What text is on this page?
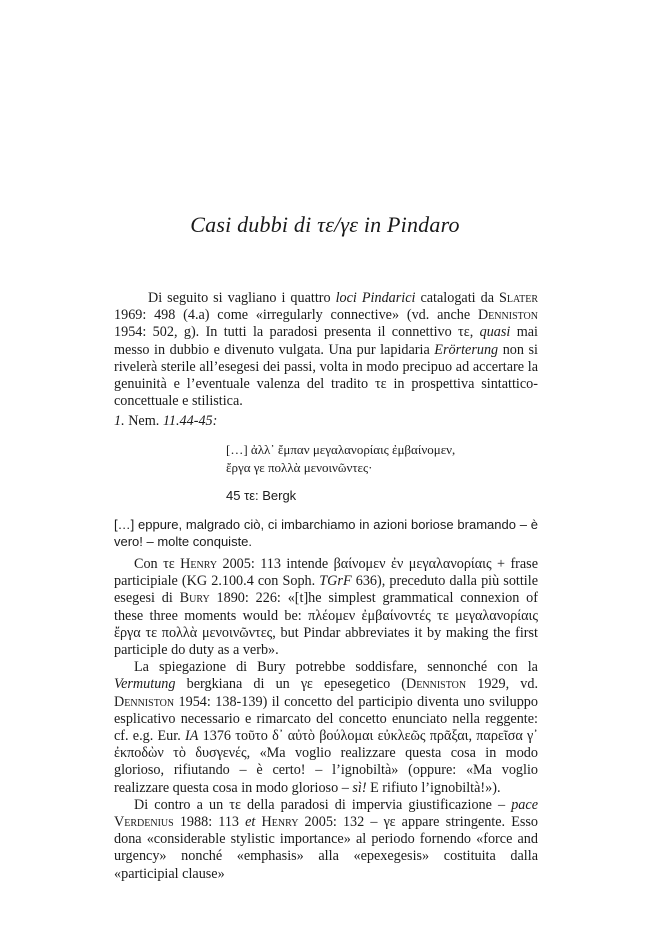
Casi dubbi di τε/γε in Pindaro
Di seguito si vagliano i quattro loci Pindarici catalogati da Slater 1969: 498 (4.a) come «irregularly connective» (vd. anche Denniston 1954: 502, g). In tutti la paradosi presenta il connettivo τε, quasi mai messo in dubbio e divenuto vulgata. Una pur lapidaria Erörterung non si rivelerà sterile all’esegesi dei passi, volta in modo precipuo ad accertare la genuinità e l’eventuale valenza del tradito τε in prospettiva sintattico-concettuale e stilistica.
1. Nem. 11.44-45:
[…] ἀλλ᾽ ἔμπαν μεγαλανορίαις ἐμβαίνομεν,
ἔργα γε πολλὰ μενοινῶντες·
45 τε: Bergk
[…] eppure, malgrado ciò, ci imbarchiamo in azioni boriose bramando – è vero! – molte conquiste.

Con τε Henry 2005: 113 intende βαίνομεν ἐν μεγαλανορίαις + frase participiale (KG 2.100.4 con Soph. TGrF 636), preceduto dalla più sottile esegesi di Bury 1890: 226: «[t]he simplest grammatical connexion of these three moments would be: πλέομεν ἐμβαίνοντές τε μεγαλανορίαις ἔργα τε πολλὰ μενοινῶντες, but Pindar abbreviates it by making the first participle do duty as a verb».

La spiegazione di Bury potrebbe soddisfare, sennonché con la Vermutung bergkiana di un γε epesegetico (Denniston 1929, vd. Denniston 1954: 138-139) il concetto del participio diventa uno sviluppo esplicativo necessario e rimarcato del concetto enunciato nella reggente: cf. e.g. Eur. IA 1376 τοῦτο δ᾽ αὐτὸ βούλομαι εὐκλεῶς πρᾶξαι, παρεῖσα γ᾽ ἐκποδὼν τὸ δυσγενές, «Ma voglio realizzare questa cosa in modo glorioso, rifiutando – è certo! – l’ignobiltà» (oppure: «Ma voglio realizzare questa cosa in modo glorioso – sì! E rifiuto l’ignobiltà!»).

Di contro a un τε della paradosi di impervia giustificazione – pace Verdenius 1988: 113 et Henry 2005: 132 – γε appare stringente. Esso dona «considerable stylistic importance» al periodo fornendo «force and urgency» nonché «emphasis» alla «epexegesis» costituita dalla «participial clause»
